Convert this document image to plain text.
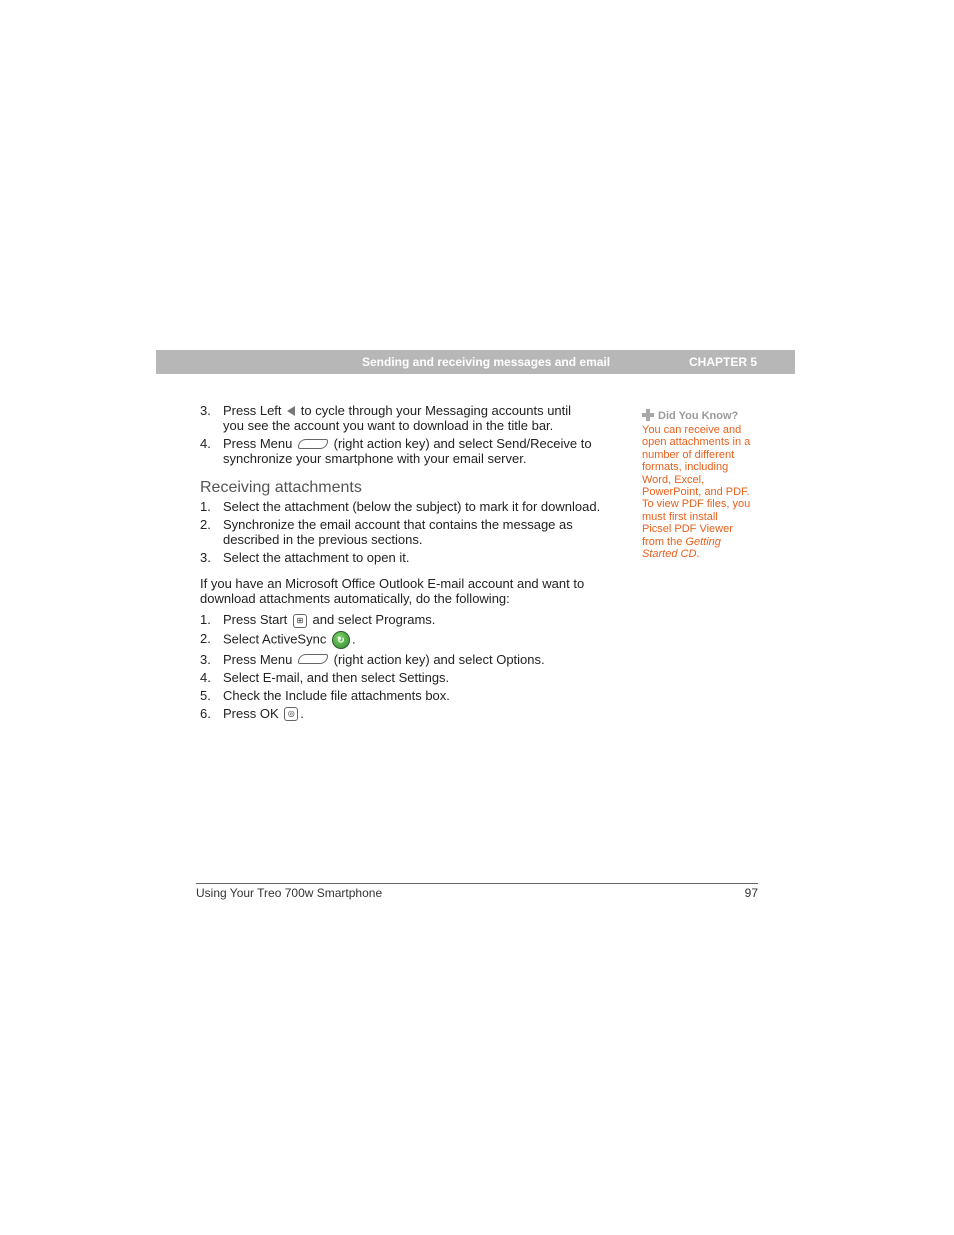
Sending and receiving messages and email	CHAPTER 5
3. Press Left to cycle through your Messaging accounts until
you see the account you want to download in the title bar.
4. Press Menu	(right action key) and select Send/Receive to
synchronize your smartphone with your email server.
Receiving attachments
1. Select the attachment (below the subject) to mark it for download.
2. Synchronize the email account that contains the message as
described in the previous sections.
3. Select the attachment to open it.
If you have an Microsoft Office Outlook E-mail account and want to
download attachments automatically, do the following:
1. Press Start ⊞ and select Programs.
2. Select ActiveSync ↻ .
3. Press Menu	(right action key) and select Options.
4. Select E-mail, and then select Settings.
5. Check the Include file attachments box.
6. Press OK ◎ .
Did You Know?
You can receive and
open attachments in a
number of different
formats, including
Word, Excel,
PowerPoint, and PDF.
To view PDF files, you
must first install
Picsel PDF Viewer
from the Getting
Started CD.
Using Your Treo 700w Smartphone	97
